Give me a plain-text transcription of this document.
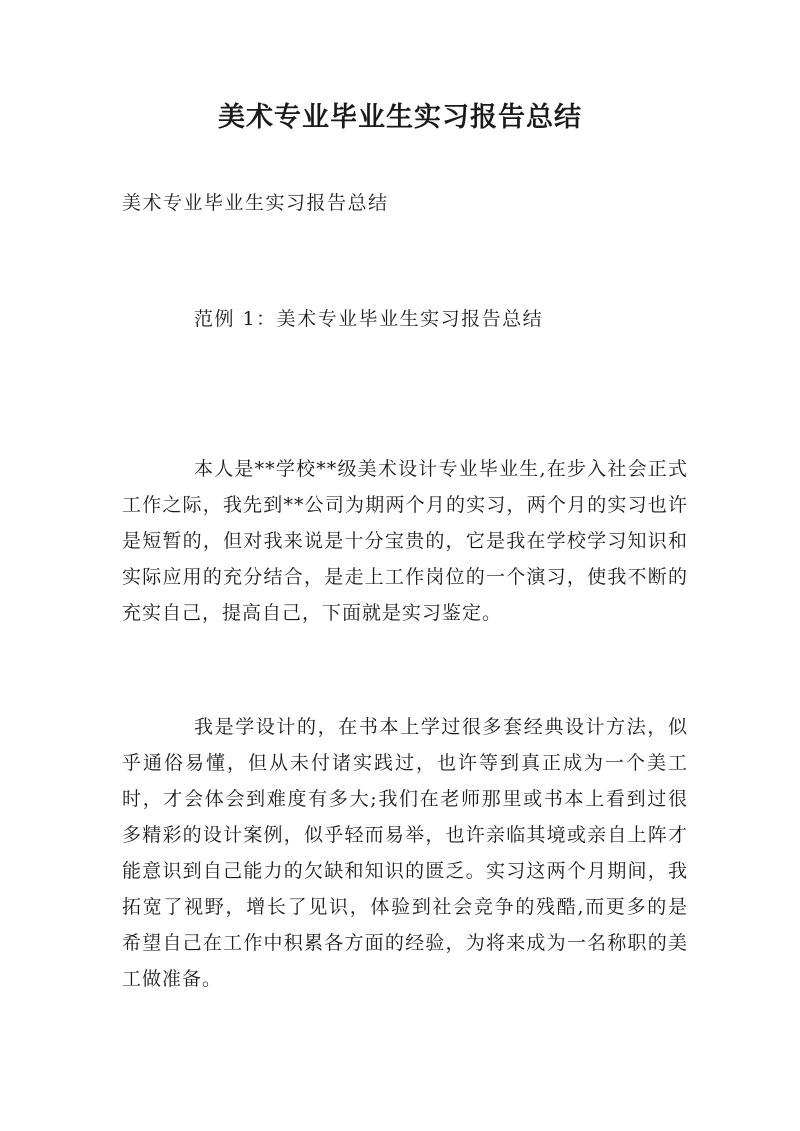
美术专业毕业生实习报告总结
美术专业毕业生实习报告总结
范例 1：美术专业毕业生实习报告总结

本人是**学校**级美术设计专业毕业生,在步入社会正式工作之际，我先到**公司为期两个月的实习，两个月的实习也许是短暂的，但对我来说是十分宝贵的，它是我在学校学习知识和实际应用的充分结合，是走上工作岗位的一个演习，使我不断的充实自己，提高自己，下面就是实习鉴定。

我是学设计的，在书本上学过很多套经典设计方法，似乎通俗易懂，但从未付诸实践过，也许等到真正成为一个美工时，才会体会到难度有多大;我们在老师那里或书本上看到过很多精彩的设计案例，似乎轻而易举，也许亲临其境或亲自上阵才能意识到自己能力的欠缺和知识的匮乏。实习这两个月期间，我拓宽了视野，增长了见识，体验到社会竞争的残酷,而更多的是希望自己在工作中积累各方面的经验，为将来成为一名称职的美工做准备。
